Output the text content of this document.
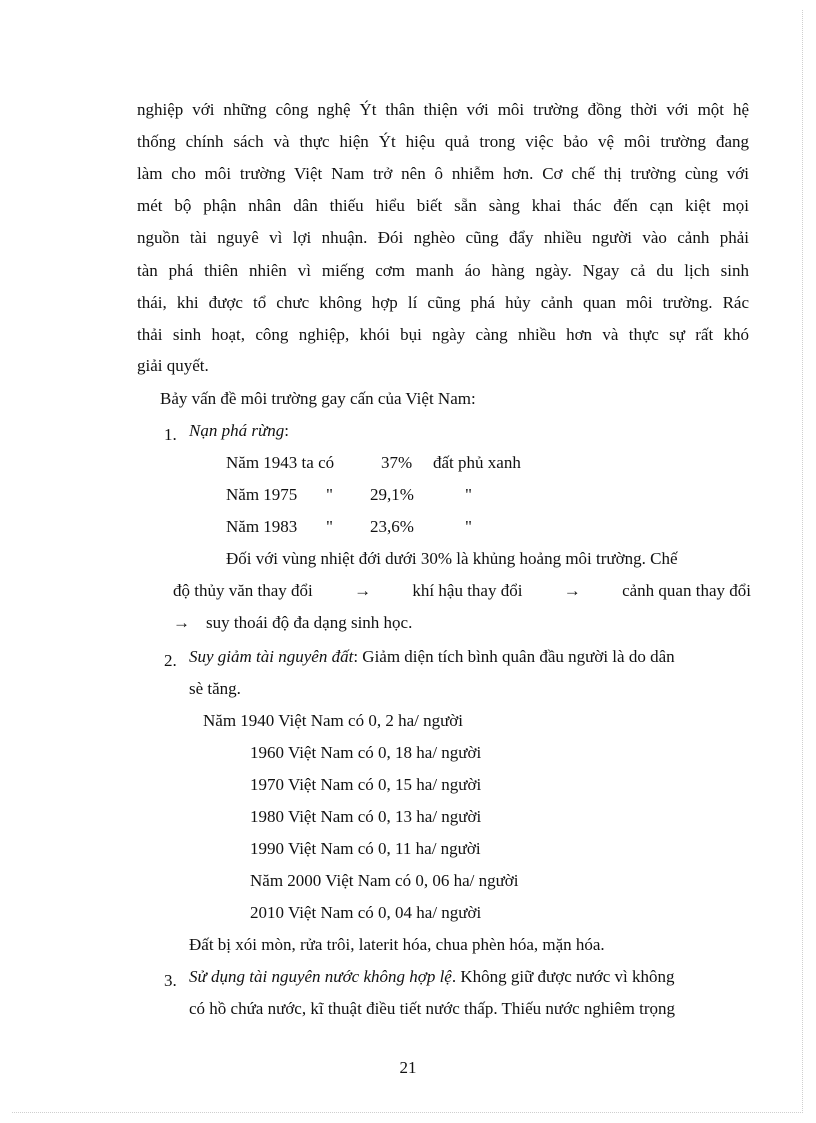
nghiệp với những công nghệ Ýt thân thiện với môi trường đồng thời với một hệ
thống chính sách và thực hiện Ýt hiệu quả trong việc bảo vệ môi trường đang
làm cho môi trường Việt Nam trở nên ô nhiễm hơn. Cơ chế thị trường cùng với
mét bộ phận nhân dân thiếu hiểu biết sẵn sàng khai thác đến cạn kiệt mọi
nguồn tài nguyê vì lợi nhuận. Đói nghèo cũng đẩy nhiều người vào cảnh phải
tàn phá thiên nhiên vì miếng cơm manh áo hàng ngày. Ngay cả du lịch sinh
thái, khi được tổ chưc không hợp lí cũng phá hủy cảnh quan môi trường. Rác
thải sinh hoạt, công nghiệp, khói bụi ngày càng nhiều hơn và thực sự rất khó
giải quyết.
Bảy vấn đề môi trường gay cấn của Việt Nam:
1. Nạn phá rừng:
Năm 1943 ta có	37% đất phủ xanh
Năm 1975 " 29,1%	"
Năm 1983 " 23,6%	"
Đối với vùng nhiệt đới dưới 30% là khủng hoảng môi trường. Chế
độ thủy văn thay đổi → khí hậu thay đổi → cảnh quan thay đổi
→ suy thoái độ đa dạng sinh học.
2. Suy giảm tài nguyên đất: Giảm diện tích bình quân đầu người là do dân
sè tăng.
Năm 1940 Việt Nam có 0, 2 ha/ người
1960 Việt Nam có 0, 18 ha/ người
1970 Việt Nam có 0, 15 ha/ người
1980 Việt Nam có 0, 13 ha/ người
1990 Việt Nam có 0, 11 ha/ người
Năm 2000 Việt Nam có 0, 06 ha/ người
2010 Việt Nam có 0, 04 ha/ người
Đất bị xói mòn, rửa trôi, laterit hóa, chua phèn hóa, mặn hóa.
3. Sử dụng tài nguyên nước không hợp lệ. Không giữ được nước vì không
có hồ chứa nước, kĩ thuật điều tiết nước thấp. Thiếu nước nghiêm trọng
21
